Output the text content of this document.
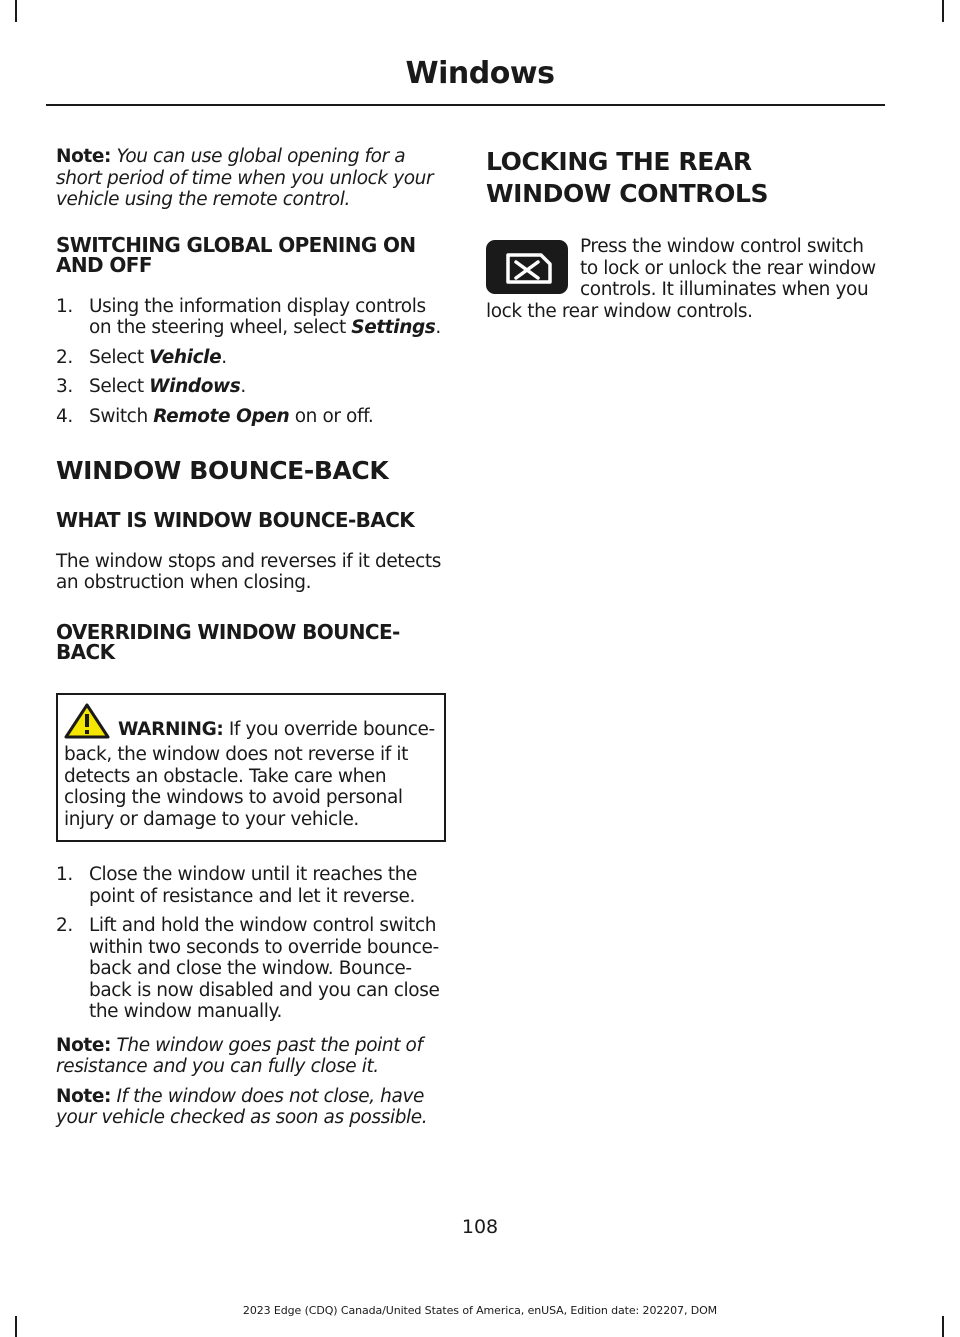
Windows

Note: You can use global opening for a short period of time when you unlock your vehicle using the remote control.

SWITCHING GLOBAL OPENING ON AND OFF
1. Using the information display controls on the steering wheel, select Settings.
2. Select Vehicle.
3. Select Windows.
4. Switch Remote Open on or off.
WINDOW BOUNCE-BACK
WHAT IS WINDOW BOUNCE-BACK

The window stops and reverses if it detects an obstruction when closing.

OVERRIDING WINDOW BOUNCE-BACK

WARNING: If you override bounce-back, the window does not reverse if it detects an obstacle. Take care when closing the windows to avoid personal injury or damage to your vehicle.

1. Close the window until it reaches the point of resistance and let it reverse.
2. Lift and hold the window control switch within two seconds to override bounce-back and close the window. Bounce-back is now disabled and you can close the window manually.

Note: The window goes past the point of resistance and you can fully close it.

Note: If the window does not close, have your vehicle checked as soon as possible.

LOCKING THE REAR WINDOW CONTROLS

Press the window control switch to lock or unlock the rear window controls. It illuminates when you lock the rear window controls.

108
2023 Edge (CDQ) Canada/United States of America, enUSA, Edition date: 202207, DOM
